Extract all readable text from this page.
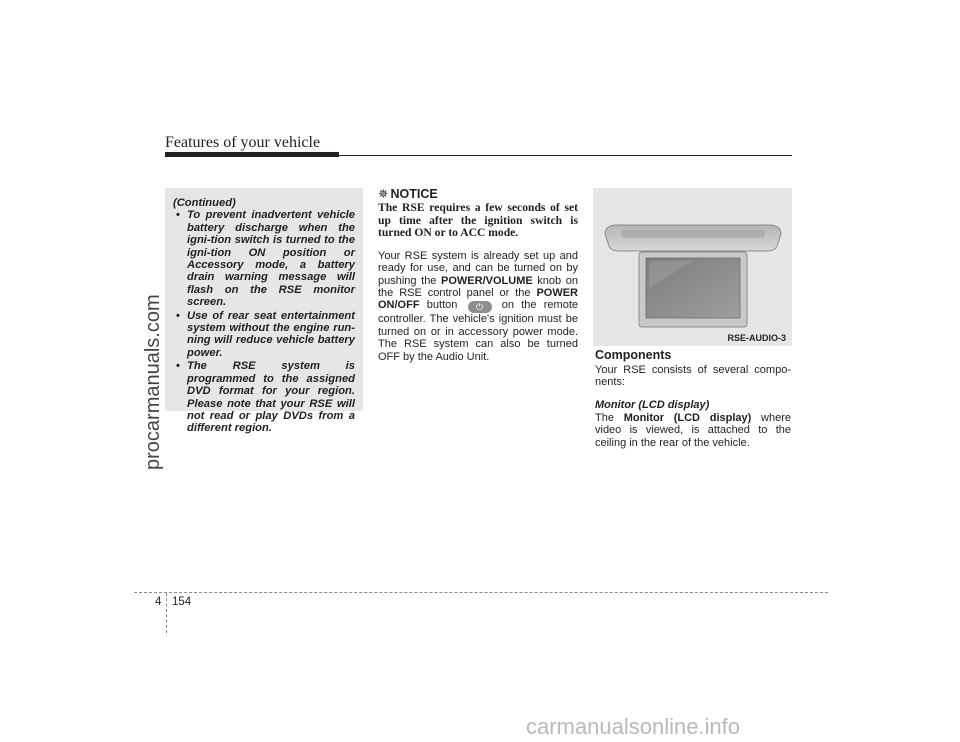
Features of your vehicle
procarmanuals.com
(Continued)
• To prevent inadvertent vehicle battery discharge when the igni-tion switch is turned to the igni-tion ON position or Accessory mode, a battery drain warning message will flash on the RSE monitor screen.
• Use of rear seat entertainment system without the engine run-ning will reduce vehicle battery power.
• The RSE system is programmed to the assigned DVD format for your region. Please note that your RSE will not read or play DVDs from a different region.
✵ NOTICE

The RSE requires a few seconds of set up time after the ignition switch is turned ON or to ACC mode.

Your RSE system is already set up and ready for use, and can be turned on by pushing the POWER/VOLUME knob on the RSE control panel or the POWER ON/OFF button ⏻ on the remote controller. The vehicle's ignition must be turned on or in accessory power mode. The RSE system can also be turned OFF by the Audio Unit.

RSE-AUDIO-3
Components

Your RSE consists of several compo-nents:

Monitor (LCD display)

The Monitor (LCD display) where video is viewed, is attached to the ceiling in the rear of the vehicle.

4 154
carmanualsonline.info
